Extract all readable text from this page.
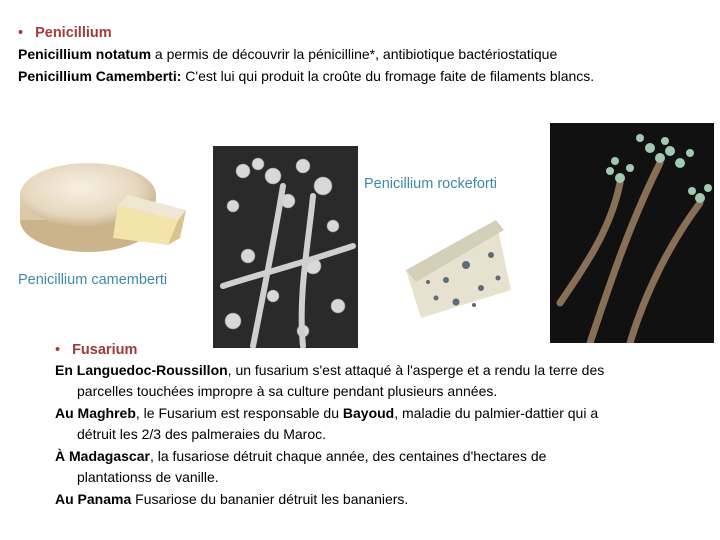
• Penicillium
Penicillium notatum a permis de découvrir la pénicilline*, antibiotique bactériostatique
Penicillium Camemberti: C'est lui qui produit la croûte du fromage faite de filaments blancs.
Penicillium camemberti
Penicillium rockeforti
• Fusarium
En Languedoc-Roussillon, un fusarium s'est attaqué à l'asperge et a rendu la terre des
parcelles touchées impropre à sa culture pendant plusieurs années.
Au Maghreb, le Fusarium est responsable du Bayoud, maladie du palmier-dattier qui a
détruit les 2/3 des palmeraies du Maroc.
À Madagascar, la fusariose détruit chaque année, des centaines d'hectares de
plantationss de vanille.
Au Panama Fusariose du bananier détruit les bananiers.
